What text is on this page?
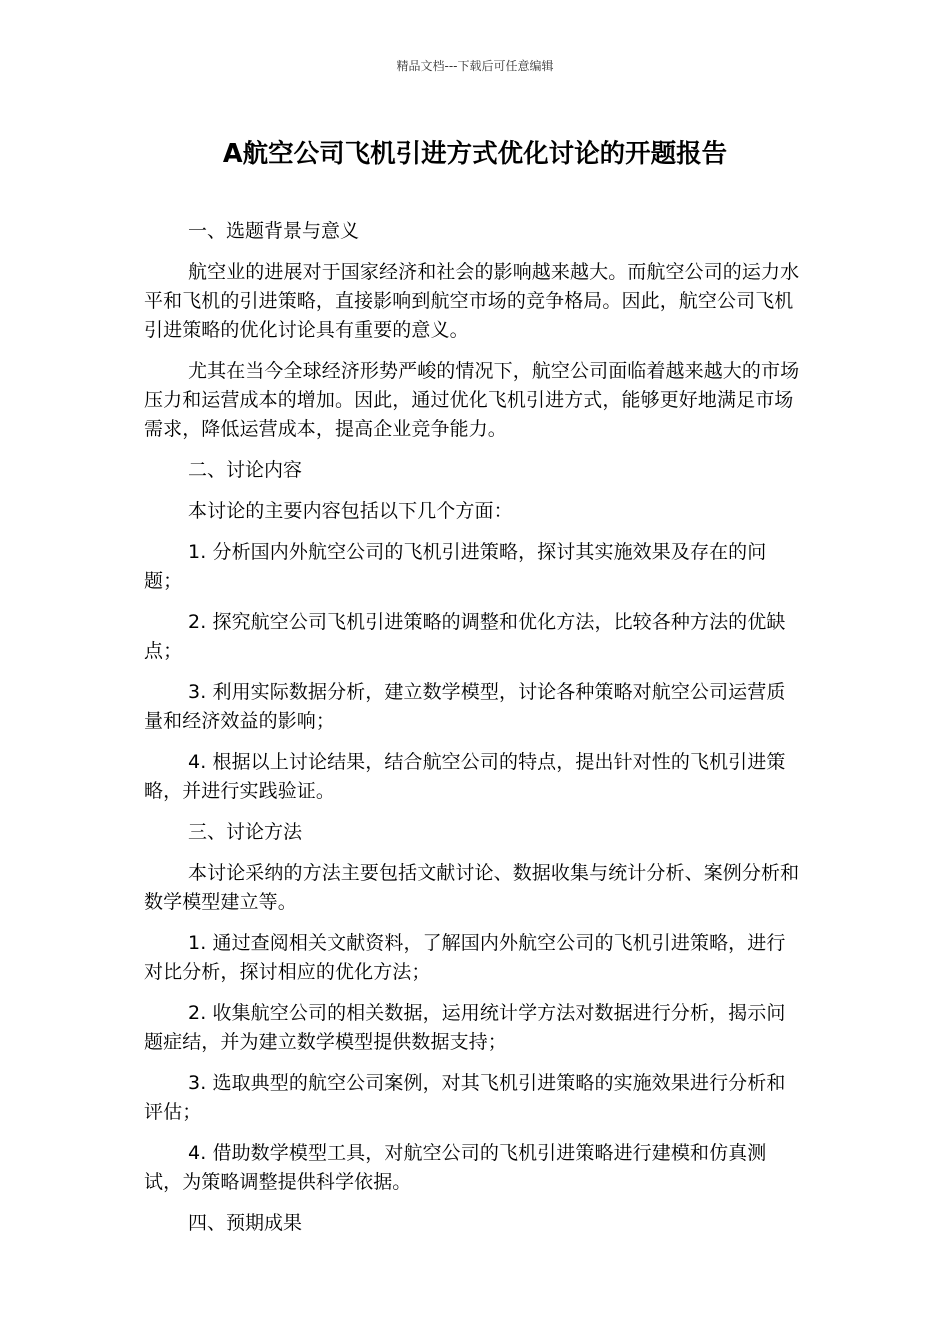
精品文档---下载后可任意编辑
A航空公司飞机引进方式优化讨论的开题报告

一、选题背景与意义

航空业的进展对于国家经济和社会的影响越来越大。而航空公司的运力水平和飞机的引进策略，直接影响到航空市场的竞争格局。因此，航空公司飞机引进策略的优化讨论具有重要的意义。

尤其在当今全球经济形势严峻的情况下，航空公司面临着越来越大的市场压力和运营成本的增加。因此，通过优化飞机引进方式，能够更好地满足市场需求，降低运营成本，提高企业竞争能力。

二、讨论内容

本讨论的主要内容包括以下几个方面：

1. 分析国内外航空公司的飞机引进策略，探讨其实施效果及存在的问题；

2. 探究航空公司飞机引进策略的调整和优化方法，比较各种方法的优缺点；

3. 利用实际数据分析，建立数学模型，讨论各种策略对航空公司运营质量和经济效益的影响；

4. 根据以上讨论结果，结合航空公司的特点，提出针对性的飞机引进策略，并进行实践验证。

三、讨论方法

本讨论采纳的方法主要包括文献讨论、数据收集与统计分析、案例分析和数学模型建立等。

1. 通过查阅相关文献资料，了解国内外航空公司的飞机引进策略，进行对比分析，探讨相应的优化方法；

2. 收集航空公司的相关数据，运用统计学方法对数据进行分析，揭示问题症结，并为建立数学模型提供数据支持；

3. 选取典型的航空公司案例，对其飞机引进策略的实施效果进行分析和评估；

4. 借助数学模型工具，对航空公司的飞机引进策略进行建模和仿真测试，为策略调整提供科学依据。

四、预期成果
